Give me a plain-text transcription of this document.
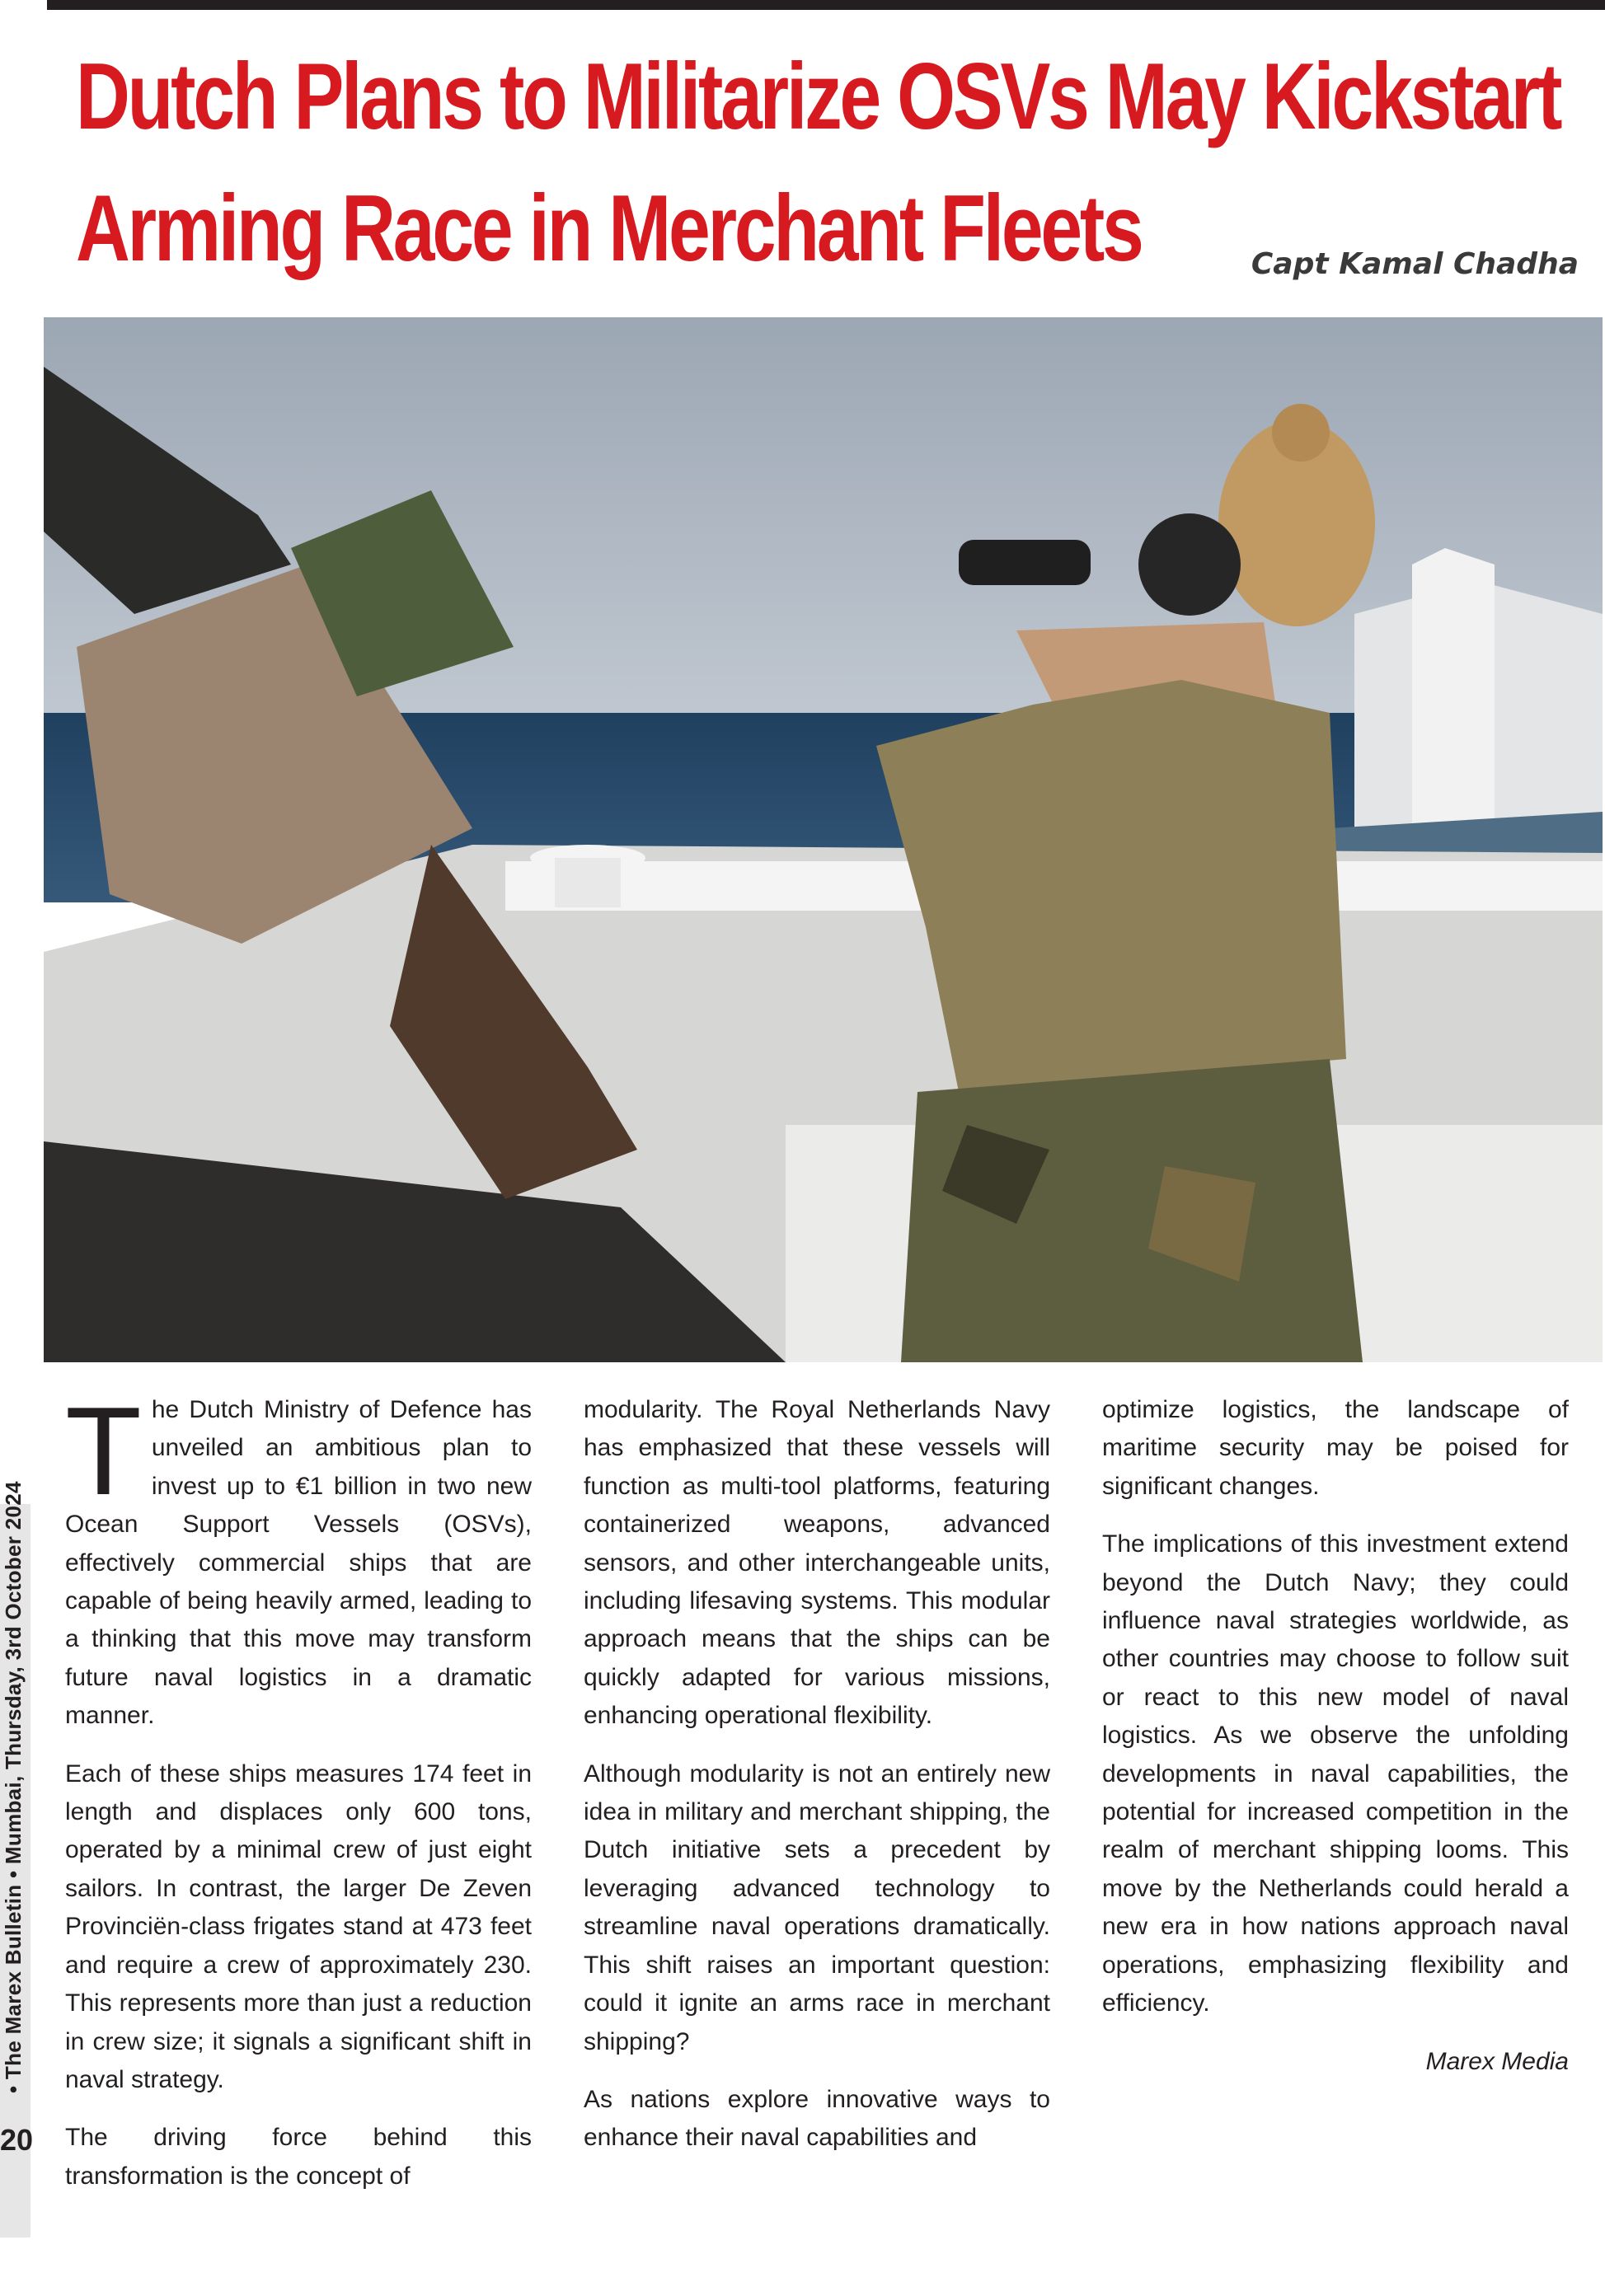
Dutch Plans to Militarize OSVs May Kickstart
Arming Race in Merchant Fleets	Capt Kamal Chadha
• The Marex Bulletin • Mumbai, Thursday, 3rd October 2024
20

The Dutch Ministry of Defence has unveiled an ambitious plan to invest up to €1 billion in two new Ocean Support Vessels (OSVs), effectively commercial ships that are capable of being heavily armed, leading to a thinking that this move may transform future naval logistics in a dramatic manner.

Each of these ships measures 174 feet in length and displaces only 600 tons, operated by a minimal crew of just eight sailors. In contrast, the larger De Zeven Provinciën-class frigates stand at 473 feet and require a crew of approximately 230. This represents more than just a reduction in crew size; it signals a significant shift in naval strategy.

The driving force behind this transformation is the concept of

modularity. The Royal Netherlands Navy has emphasized that these vessels will function as multi-tool platforms, featuring containerized weapons, advanced sensors, and other interchangeable units, including lifesaving systems. This modular approach means that the ships can be quickly adapted for various missions, enhancing operational flexibility.

Although modularity is not an entirely new idea in military and merchant shipping, the Dutch initiative sets a precedent by leveraging advanced technology to streamline naval operations dramatically. This shift raises an important question: could it ignite an arms race in merchant shipping?

As nations explore innovative ways to enhance their naval capabilities and

optimize logistics, the landscape of maritime security may be poised for significant changes.

The implications of this investment extend beyond the Dutch Navy; they could influence naval strategies worldwide, as other countries may choose to follow suit or react to this new model of naval logistics. As we observe the unfolding developments in naval capabilities, the potential for increased competition in the realm of merchant shipping looms. This move by the Netherlands could herald a new era in how nations approach naval operations, emphasizing flexibility and efficiency.

Marex Media
